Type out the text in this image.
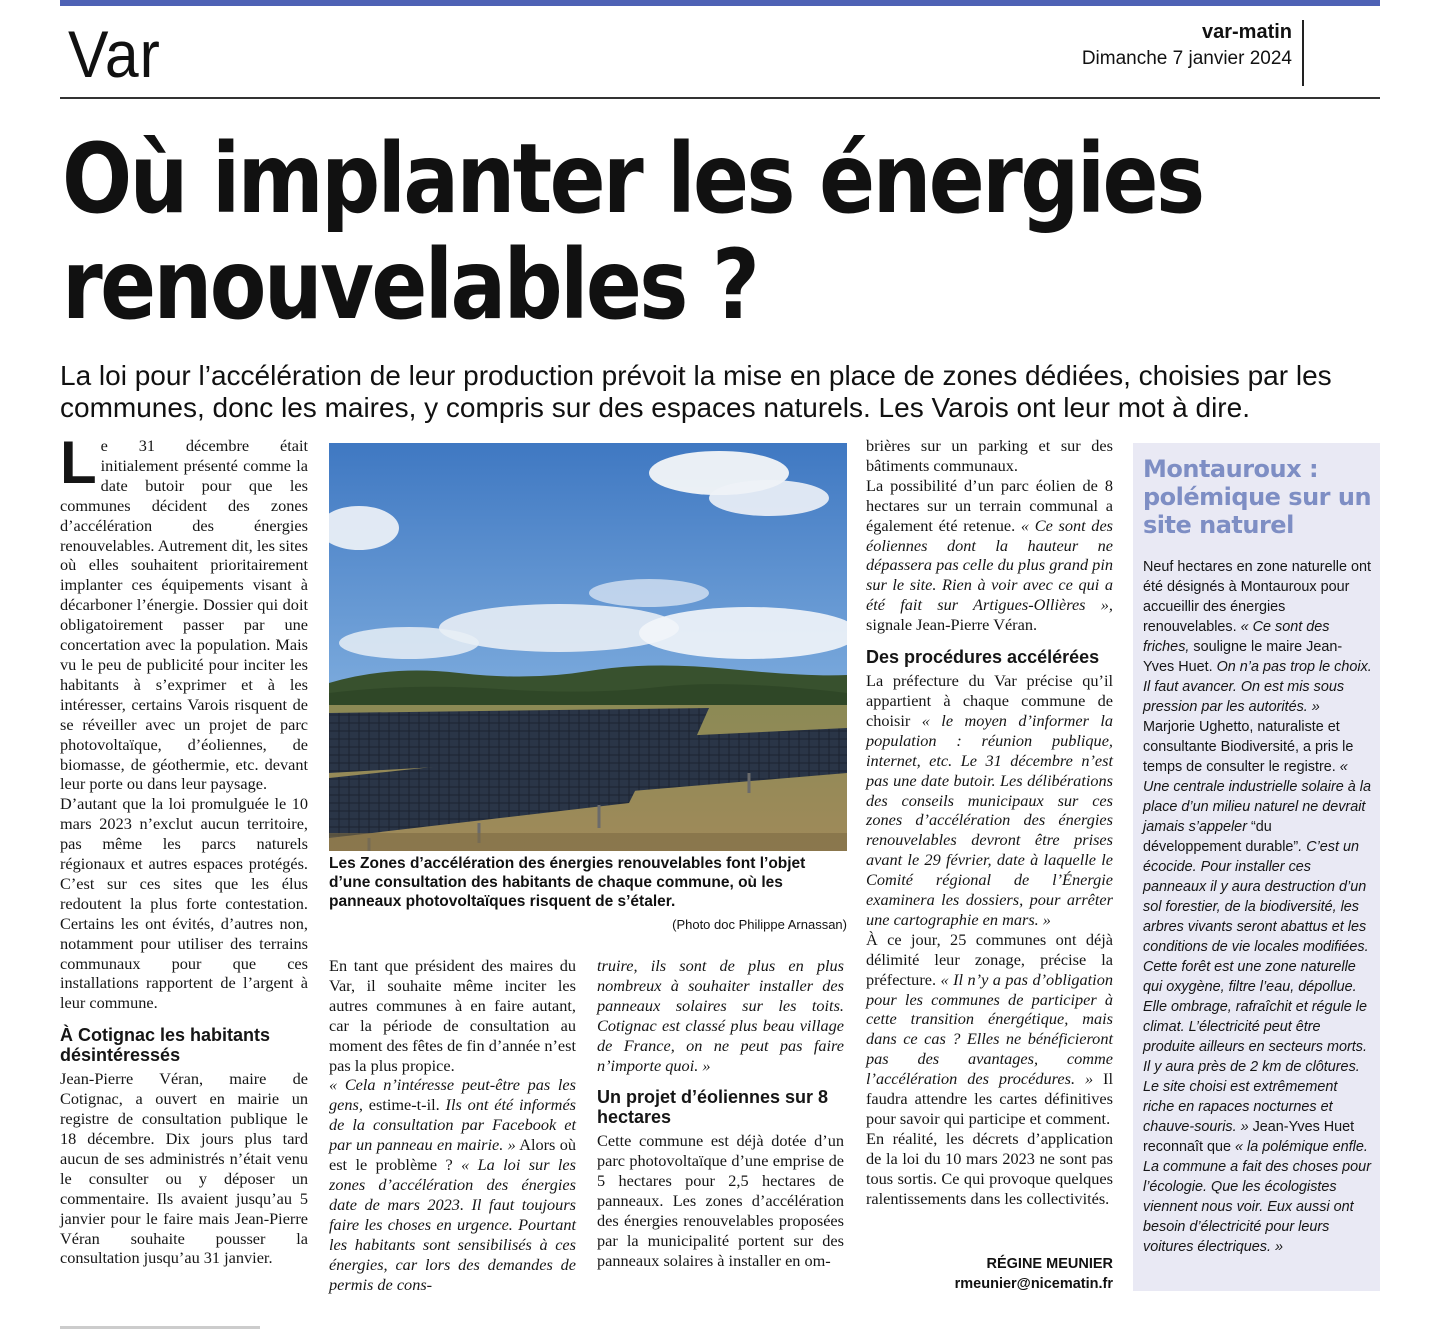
Var	var-matin
Dimanche 7 janvier 2024
Où implanter les énergies
renouvelables ?
La loi pour l’accélération de leur production prévoit la mise en place de zones dédiées, choisies par les communes, donc les maires, y compris sur des espaces naturels. Les Varois ont leur mot à dire.

Le 31 décembre était initialement présenté comme la date butoir pour que les communes décident des zones d’accélération des énergies renouvelables. Autrement dit, les sites où elles souhaitent prioritairement implanter ces équipements visant à décarboner l’énergie. Dossier qui doit obligatoirement passer par une concertation avec la population. Mais vu le peu de publicité pour inciter les habitants à s’exprimer et à les intéresser, certains Varois risquent de se réveiller avec un projet de parc photovoltaïque, d’éoliennes, de biomasse, de géothermie, etc. devant leur porte ou dans leur paysage.

D’autant que la loi promulguée le 10 mars 2023 n’exclut aucun territoire, pas même les parcs naturels régionaux et autres espaces protégés. C’est sur ces sites que les élus redoutent la plus forte contestation. Certains les ont évités, d’autres non, notamment pour utiliser des terrains communaux pour que ces installations rapportent de l’argent à leur commune.

À Cotignac les habitants désintéressés

Jean-Pierre Véran, maire de Cotignac, a ouvert en mairie un registre de consultation publique le 18 décembre. Dix jours plus tard aucun de ses administrés n’était venu le consulter ou y déposer un commentaire. Ils avaient jusqu’au 5 janvier pour le faire mais Jean-Pierre Véran souhaite pousser la consultation jusqu’au 31 janvier.

Les Zones d’accélération des énergies renouvelables font l’objet d’une consultation des habitants de chaque commune, où les panneaux photovoltaïques risquent de s’étaler.
(Photo doc Philippe Arnassan)

En tant que président des maires du Var, il souhaite même inciter les autres communes à en faire autant, car la période de consultation au moment des fêtes de fin d’année n’est pas la plus propice.

« Cela n’intéresse peut-être pas les gens, estime-t-il. Ils ont été informés de la consultation par Facebook et par un panneau en mairie. » Alors où est le problème ? « La loi sur les zones d’accélération des énergies date de mars 2023. Il faut toujours faire les choses en urgence. Pourtant les habitants sont sensibilisés à ces énergies, car lors des demandes de permis de cons-

truire, ils sont de plus en plus nombreux à souhaiter installer des panneaux solaires sur les toits. Cotignac est classé plus beau village de France, on ne peut pas faire n’importe quoi. »

Un projet d’éoliennes sur 8 hectares

Cette commune est déjà dotée d’un parc photovoltaïque d’une emprise de 5 hectares pour 2,5 hectares de panneaux. Les zones d’accélération des énergies renouvelables proposées par la municipalité portent sur des panneaux solaires à installer en om-

brières sur un parking et sur des bâtiments communaux.

La possibilité d’un parc éolien de 8 hectares sur un terrain communal a également été retenue. « Ce sont des éoliennes dont la hauteur ne dépassera pas celle du plus grand pin sur le site. Rien à voir avec ce qui a été fait sur Artigues-Ollières », signale Jean-Pierre Véran.

Des procédures accélérées

La préfecture du Var précise qu’il appartient à chaque commune de choisir « le moyen d’informer la population : réunion publique, internet, etc. Le 31 décembre n’est pas une date butoir. Les délibérations des conseils municipaux sur ces zones d’accélération des énergies renouvelables devront être prises avant le 29 février, date à laquelle le Comité régional de l’Énergie examinera les dossiers, pour arrêter une cartographie en mars. »

À ce jour, 25 communes ont déjà délimité leur zonage, précise la préfecture. « Il n’y a pas d’obligation pour les communes de participer à cette transition énergétique, mais dans ce cas ? Elles ne bénéficieront pas des avantages, comme l’accélération des procédures. » Il faudra attendre les cartes définitives pour savoir qui participe et comment.

En réalité, les décrets d’application de la loi du 10 mars 2023 ne sont pas tous sortis. Ce qui provoque quelques ralentissements dans les collectivités.

RÉGINE MEUNIER
rmeunier@nicematin.fr
Montauroux : polémique sur un site naturel
Neuf hectares en zone naturelle ont été désignés à Montauroux pour accueillir des énergies renouvelables. « Ce sont des friches, souligne le maire Jean-Yves Huet. On n’a pas trop le choix. Il faut avancer. On est mis sous pression par les autorités. » Marjorie Ughetto, naturaliste et consultante Biodiversité, a pris le temps de consulter le registre. « Une centrale industrielle solaire à la place d’un milieu naturel ne devrait jamais s’appeler “du développement durable”. C’est un écocide. Pour installer ces panneaux il y aura destruction d’un sol forestier, de la biodiversité, les arbres vivants seront abattus et les conditions de vie locales modifiées. Cette forêt est une zone naturelle qui oxygène, filtre l’eau, dépollue. Elle ombrage, rafraîchit et régule le climat. L’électricité peut être produite ailleurs en secteurs morts. Il y aura près de 2 km de clôtures. Le site choisi est extrêmement riche en rapaces nocturnes et chauve-souris. » Jean-Yves Huet reconnaît que « la polémique enfle. La commune a fait des choses pour l’écologie. Que les écologistes viennent nous voir. Eux aussi ont besoin d’électricité pour leurs voitures électriques. »
